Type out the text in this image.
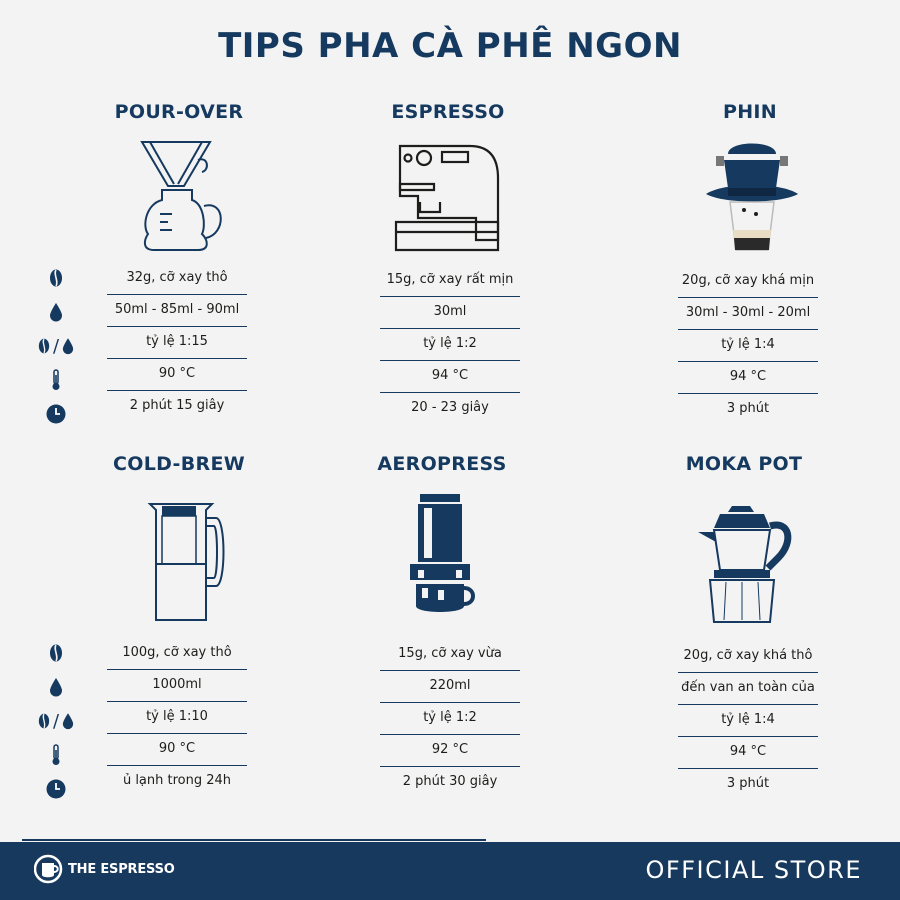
TIPS PHA CÀ PHÊ NGON
/
/
POUR-OVER
32g, cỡ xay thô
50ml - 85ml - 90ml
tỷ lệ 1:15
90 °C
2 phút 15 giây
ESPRESSO
15g, cỡ xay rất mịn
30ml
tỷ lệ 1:2
94 °C
20 - 23 giây
PHIN
20g, cỡ xay khá mịn
30ml - 30ml - 20ml
tỷ lệ 1:4
94 °C
3 phút
COLD-BREW
100g, cỡ xay thô
1000ml
tỷ lệ 1:10
90 °C
ủ lạnh trong 24h
AEROPRESS
15g, cỡ xay vừa
220ml
tỷ lệ 1:2
92 °C
2 phút 30 giây
MOKA POT
20g, cỡ xay khá thô
đến van an toàn của
tỷ lệ 1:4
94 °C
3 phút
THE ESPRESSO	OFFICIAL STORE
